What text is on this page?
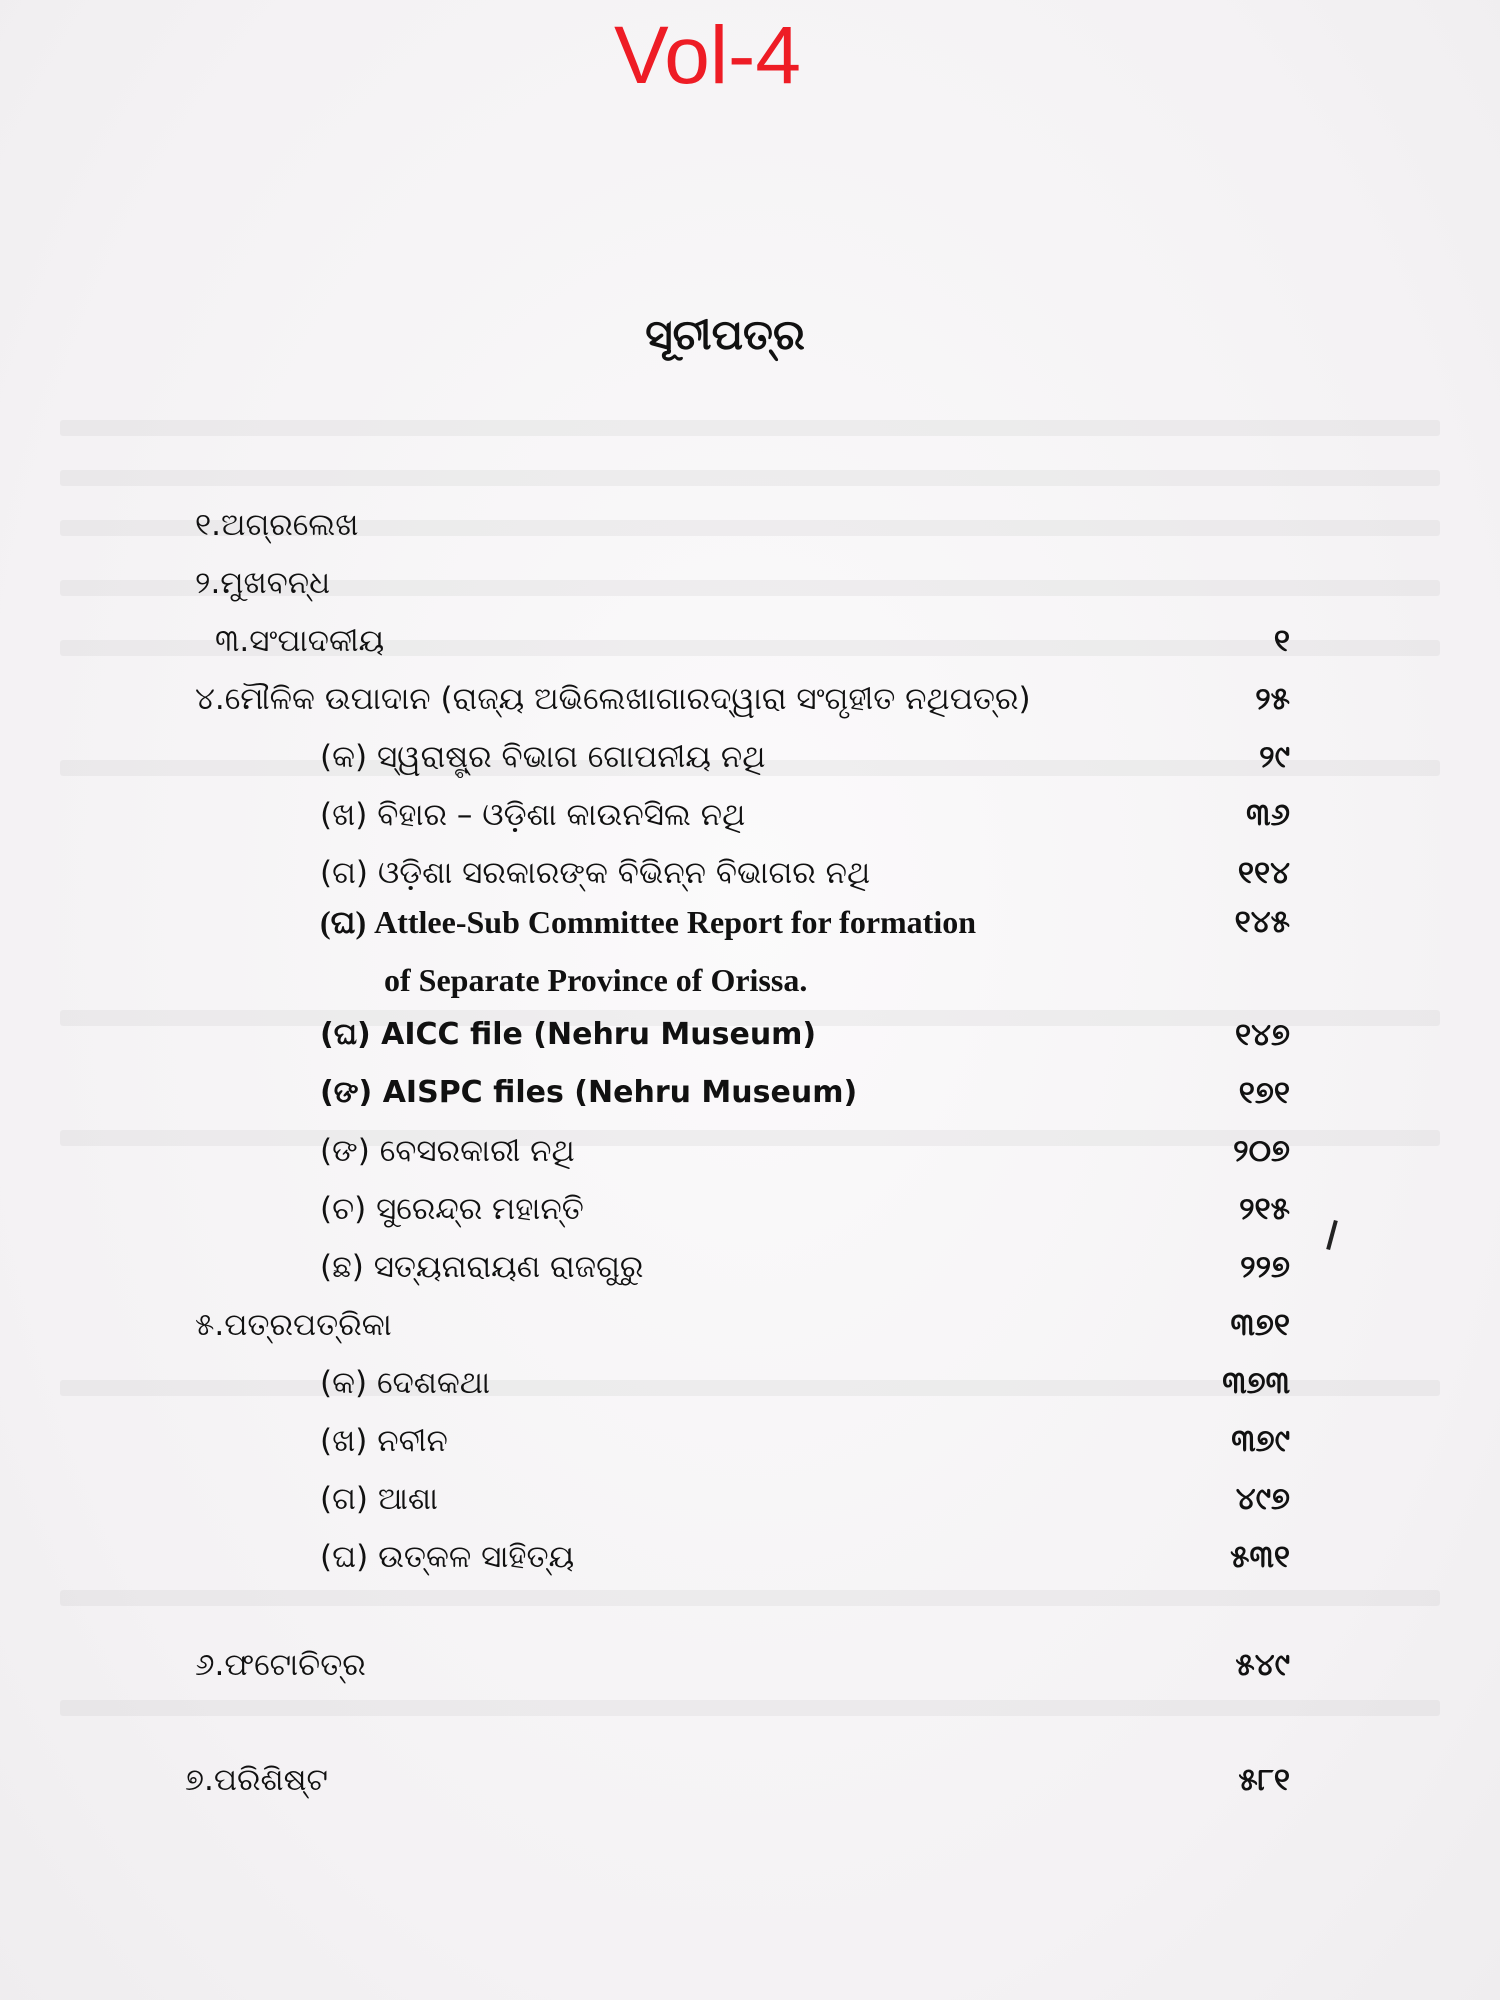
Vol-4
ସୂଚୀପତ୍ର
୧.ଅଗ୍ରଲେଖ
୨.ମୁଖବନ୍ଧ
୩.ସଂପାଦକୀୟ	୧
୪.ମୌଳିକ ଉପାଦାନ (ରାଜ୍ୟ ଅଭିଲେଖାଗାରଦ୍ୱାରା ସଂଗୃହୀତ ନଥିପତ୍ର)	୨୫
(କ) ସ୍ୱରାଷ୍ଟ୍ର ବିଭାଗ ଗୋପନୀୟ ନଥି	୨୯
(ଖ) ବିହାର – ଓଡ଼ିଶା କାଉନସିଲ ନଥି	୩୬
(ଗ) ଓଡ଼ିଶା ସରକାରଙ୍କ ବିଭିନ୍ନ ବିଭାଗର ନଥି	୧୧୪
(ଘ) Attlee-Sub Committee Report for formation	୧୪୫
of Separate Province of Orissa.
(ଘ) AICC file (Nehru Museum)	୧୪୭
(ଙ) AISPC files (Nehru Museum)	୧୭୧
(ଙ) ବେସରକାରୀ ନଥି	୨୦୭
(ଚ) ସୁରେନ୍ଦ୍ର ମହାନ୍ତି	୨୧୫
(ଛ) ସତ୍ୟନାରାୟଣ ରାଜଗୁରୁ	୨୨୭
୫.ପତ୍ରପତ୍ରିକା	୩୭୧
(କ) ଦେଶକଥା	୩୭୩
(ଖ) ନବୀନ	୩୭୯
(ଗ) ଆଶା	୪୯୭
(ଘ) ଉତ୍କଳ ସାହିତ୍ୟ	୫୩୧
୬.ଫଟୋଚିତ୍ର	୫୪୯
୭.ପରିଶିଷ୍ଟ	୫୮୧
